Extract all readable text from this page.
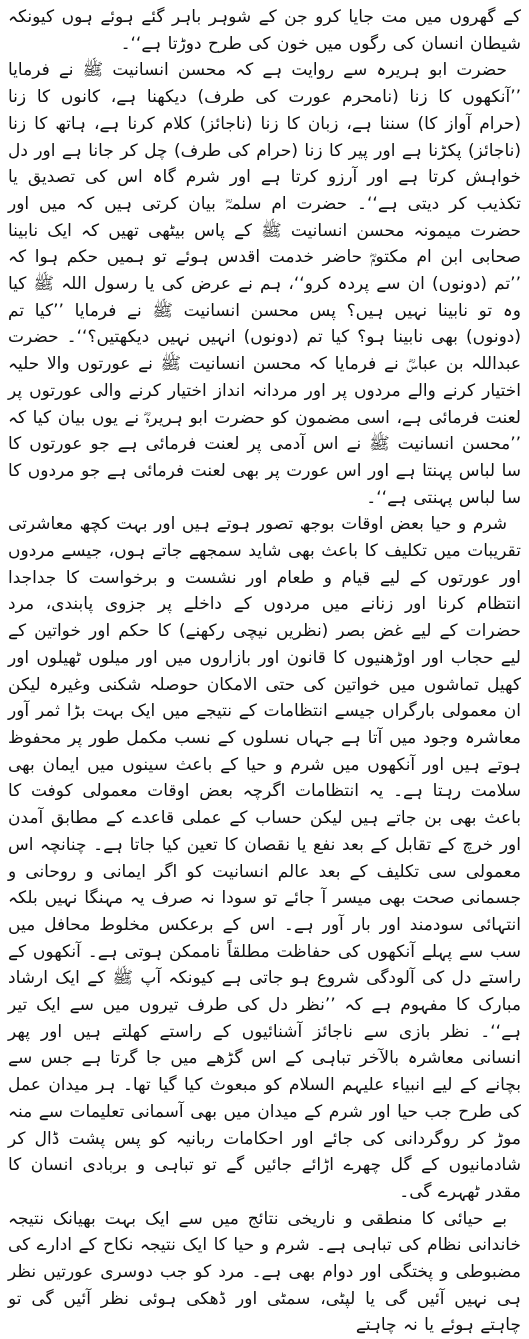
کے گھروں میں مت جایا کرو جن کے شوہر باہر گئے ہوئے ہوں کیونکہ شیطان انسان کی رگوں میں خون کی طرح دوڑتا ہے‘‘۔

حضرت ابو ہریرہ سے روایت ہے کہ محسن انسانیت ﷺ نے فرمایا ’’آنکھوں کا زنا (نامحرم عورت کی طرف) دیکھنا ہے، کانوں کا زنا (حرام آواز کا) سننا ہے، زبان کا زنا (ناجائز) کلام کرنا ہے، ہاتھ کا زنا (ناجائز) پکڑنا ہے اور پیر کا زنا (حرام کی طرف) چل کر جانا ہے اور دل خواہش کرتا ہے اور آرزو کرتا ہے اور شرم گاہ اس کی تصدیق یا تکذیب کر دیتی ہے‘‘۔ حضرت ام سلمہؓ بیان کرتی ہیں کہ میں اور حضرت میمونہ محسن انسانیت ﷺ کے پاس بیٹھی تھیں کہ ایک نابینا صحابی ابن ام مکتومؓ حاضر خدمت اقدس ہوئے تو ہمیں حکم ہوا کہ ’’تم (دونوں) ان سے پردہ کرو‘‘، ہم نے عرض کی یا رسول اللہ ﷺ کیا وہ تو نابینا نہیں ہیں؟ پس محسن انسانیت ﷺ نے فرمایا ’’کیا تم (دونوں) بھی نابینا ہو؟ کیا تم (دونوں) انہیں نہیں دیکھتیں؟‘‘۔ حضرت عبداللہ بن عباسؓ نے فرمایا کہ محسن انسانیت ﷺ نے عورتوں والا حلیہ اختیار کرنے والے مردوں پر اور مردانہ انداز اختیار کرنے والی عورتوں پر لعنت فرمائی ہے، اسی مضمون کو حضرت ابو ہریرہؓ نے یوں بیان کیا کہ ’’محسن انسانیت ﷺ نے اس آدمی پر لعنت فرمائی ہے جو عورتوں کا سا لباس پہنتا ہے اور اس عورت پر بھی لعنت فرمائی ہے جو مردوں کا سا لباس پہنتی ہے‘‘۔

شرم و حیا بعض اوقات بوجھ تصور ہوتے ہیں اور بہت کچھ معاشرتی تقریبات میں تکلیف کا باعث بھی شاید سمجھے جاتے ہوں، جیسے مردوں اور عورتوں کے لیے قیام و طعام اور نشست و برخواست کا جداجدا انتظام کرنا اور زنانے میں مردوں کے داخلے پر جزوی پابندی، مرد حضرات کے لیے غض بصر (نظریں نیچی رکھنے) کا حکم اور خواتین کے لیے حجاب اور اوڑھنیوں کا قانون اور بازاروں میں اور میلوں ٹھیلوں اور کھیل تماشوں میں خواتین کی حتی الامکان حوصلہ شکنی وغیرہ لیکن ان معمولی بارگراں جیسے انتظامات کے نتیجے میں ایک بہت بڑا ثمر آور معاشرہ وجود میں آتا ہے جہاں نسلوں کے نسب مکمل طور پر محفوظ ہوتے ہیں اور آنکھوں میں شرم و حیا کے باعث سینوں میں ایمان بھی سلامت رہتا ہے۔ یہ انتظامات اگرچہ بعض اوقات معمولی کوفت کا باعث بھی بن جاتے ہیں لیکن حساب کے عملی قاعدے کے مطابق آمدن اور خرچ کے تقابل کے بعد نفع یا نقصان کا تعین کیا جاتا ہے۔ چنانچہ اس معمولی سی تکلیف کے بعد عالم انسانیت کو اگر ایمانی و روحانی و جسمانی صحت بھی میسر آ جائے تو سودا نہ صرف یہ مہنگا نہیں بلکہ انتہائی سودمند اور بار آور ہے۔ اس کے برعکس مخلوط محافل میں سب سے پہلے آنکھوں کی حفاظت مطلقاً ناممکن ہوتی ہے۔ آنکھوں کے راستے دل کی آلودگی شروع ہو جاتی ہے کیونکہ آپ ﷺ کے ایک ارشاد مبارک کا مفہوم ہے کہ ’’نظر دل کی طرف تیروں میں سے ایک تیر ہے‘‘۔ نظر بازی سے ناجائز آشنائیوں کے راستے کھلتے ہیں اور پھر انسانی معاشرہ بالآخر تباہی کے اس گڑھے میں جا گرتا ہے جس سے بچانے کے لیے انبیاء علیہم السلام کو مبعوث کیا گیا تھا۔ ہر میدان عمل کی طرح جب حیا اور شرم کے میدان میں بھی آسمانی تعلیمات سے منہ موڑ کر روگردانی کی جائے اور احکامات ربانیہ کو پس پشت ڈال کر شادمانیوں کے گل چھرے اڑائے جائیں گے تو تباہی و بربادی انسان کا مقدر ٹھہرے گی۔

بے حیائی کا منطقی و ناریخی نتائج میں سے ایک بہت بھیانک نتیجہ خاندانی نظام کی تباہی ہے۔ شرم و حیا کا ایک نتیجہ نکاح کے ادارے کی مضبوطی و پختگی اور دوام بھی ہے۔ مرد کو جب دوسری عورتیں نظر ہی نہیں آئیں گی یا لپٹی، سمٹی اور ڈھکی ہوئی نظر آئیں گی تو چاہتے ہوئے یا نہ چاہتے
